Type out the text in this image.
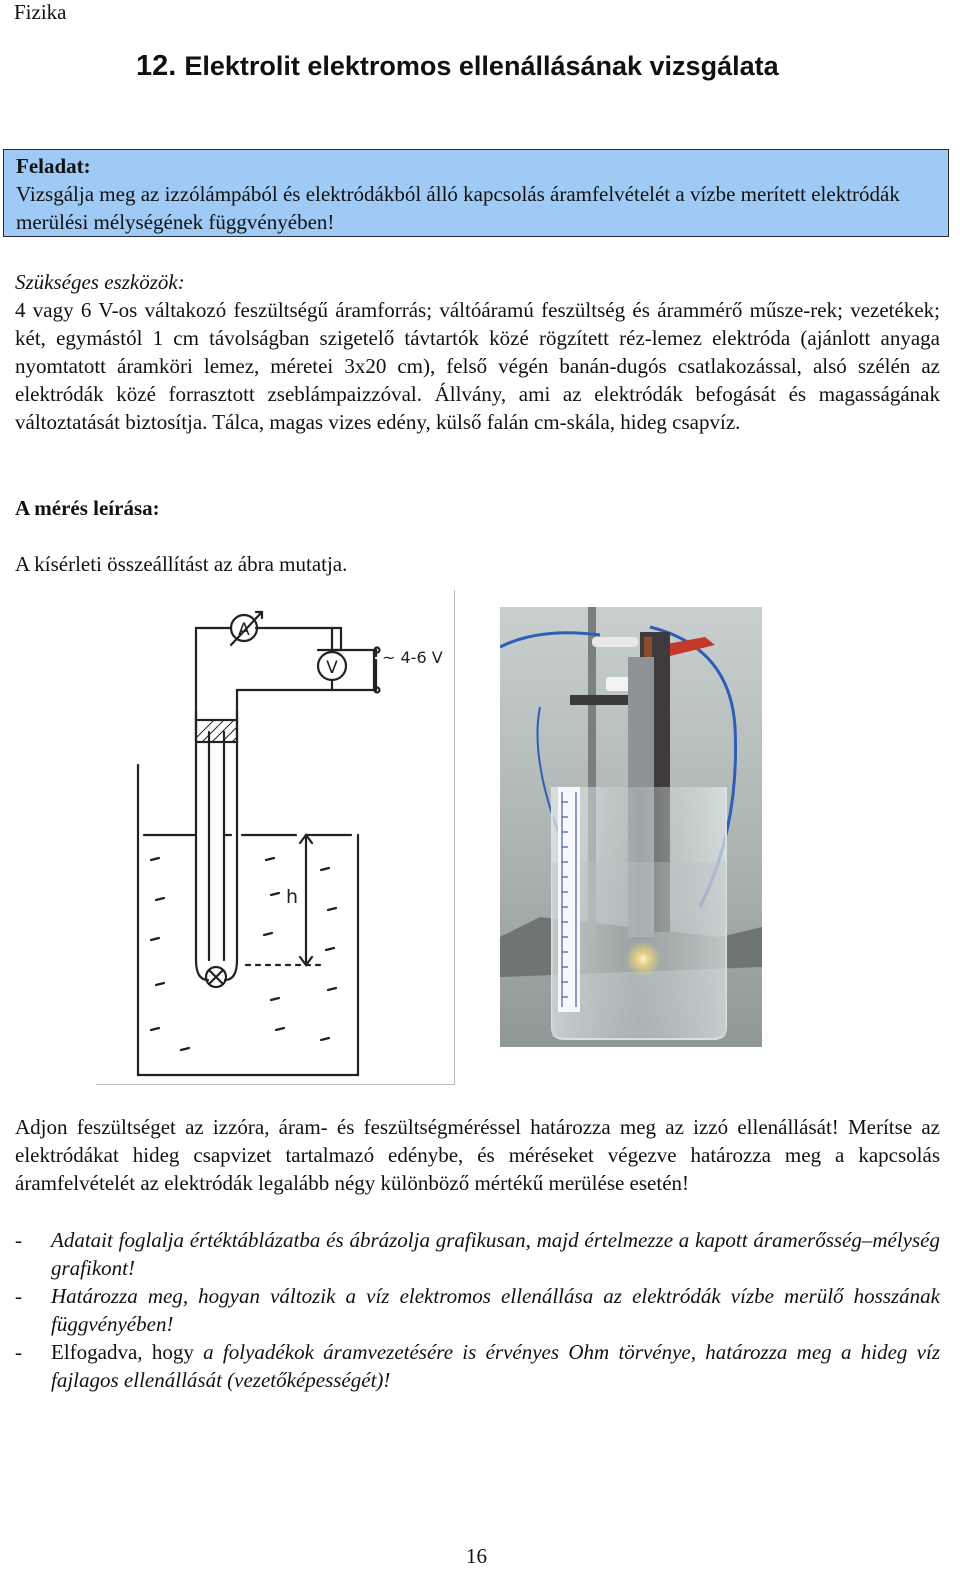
Fizika
12. Elektrolit elektromos ellenállásának vizsgálata
Feladat:
Vizsgálja meg az izzólámpából és elektródákból álló kapcsolás áramfelvételét a vízbe merített elektródák merülési mélységének függvényében!
Szükséges eszközök:
4 vagy 6 V-os váltakozó feszültségű áramforrás; váltóáramú feszültség és árammérő műsze-rek; vezetékek; két, egymástól 1 cm távolságban szigetelő távtartók közé rögzített réz-lemez elektróda (ajánlott anyaga nyomtatott áramköri lemez, méretei 3x20 cm), felső végén banán-dugós csatlakozással, alsó szélén az elektródák közé forrasztott zseblámpaizzóval. Állvány, ami az elektródák befogását és magasságának változtatását biztosítja. Tálca, magas vizes edény, külső falán cm-skála, hideg csapvíz.
A mérés leírása:
A kísérleti összeállítást az ábra mutatja.
A
V
~ 4-6 V
h
Adjon feszültséget az izzóra, áram- és feszültségméréssel határozza meg az izzó ellenállását! Merítse az elektródákat hideg csapvizet tartalmazó edénybe, és méréseket végezve határozza meg a kapcsolás áramfelvételét az elektródák legalább négy különböző mértékű merülése esetén!
- Adatait foglalja értéktáblázatba és ábrázolja grafikusan, majd értelmezze a kapott áramerősség–mélység grafikont!
- Határozza meg, hogyan változik a víz elektromos ellenállása az elektródák vízbe merülő hosszának függvényében!
- Elfogadva, hogy a folyadékok áramvezetésére is érvényes Ohm törvénye, határozza meg a hideg víz fajlagos ellenállását (vezetőképességét)!
16
